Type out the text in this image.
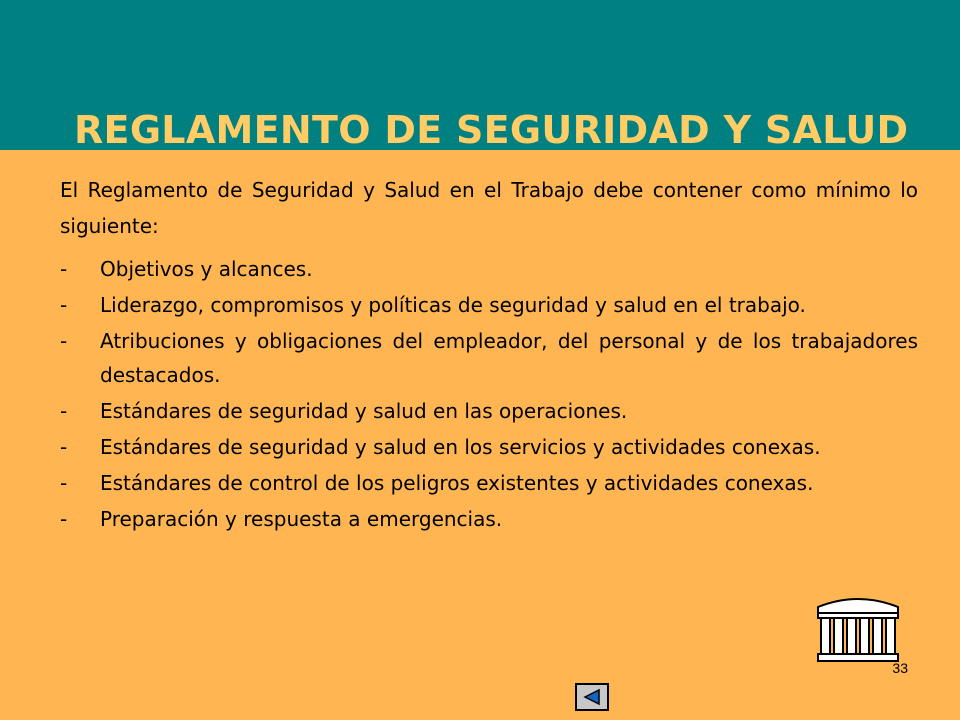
REGLAMENTO DE SEGURIDAD Y SALUD

El Reglamento de Seguridad y Salud en el Trabajo debe contener como mínimo lo siguiente:

- Objetivos y alcances.
- Liderazgo, compromisos y políticas de seguridad y salud en el trabajo.
- Atribuciones y obligaciones del empleador, del personal y de los trabajadores destacados.
- Estándares de seguridad y salud en las operaciones.
- Estándares de seguridad y salud en los servicios y actividades conexas.
- Estándares de control de los peligros existentes y actividades conexas.
- Preparación y respuesta a emergencias.
33
